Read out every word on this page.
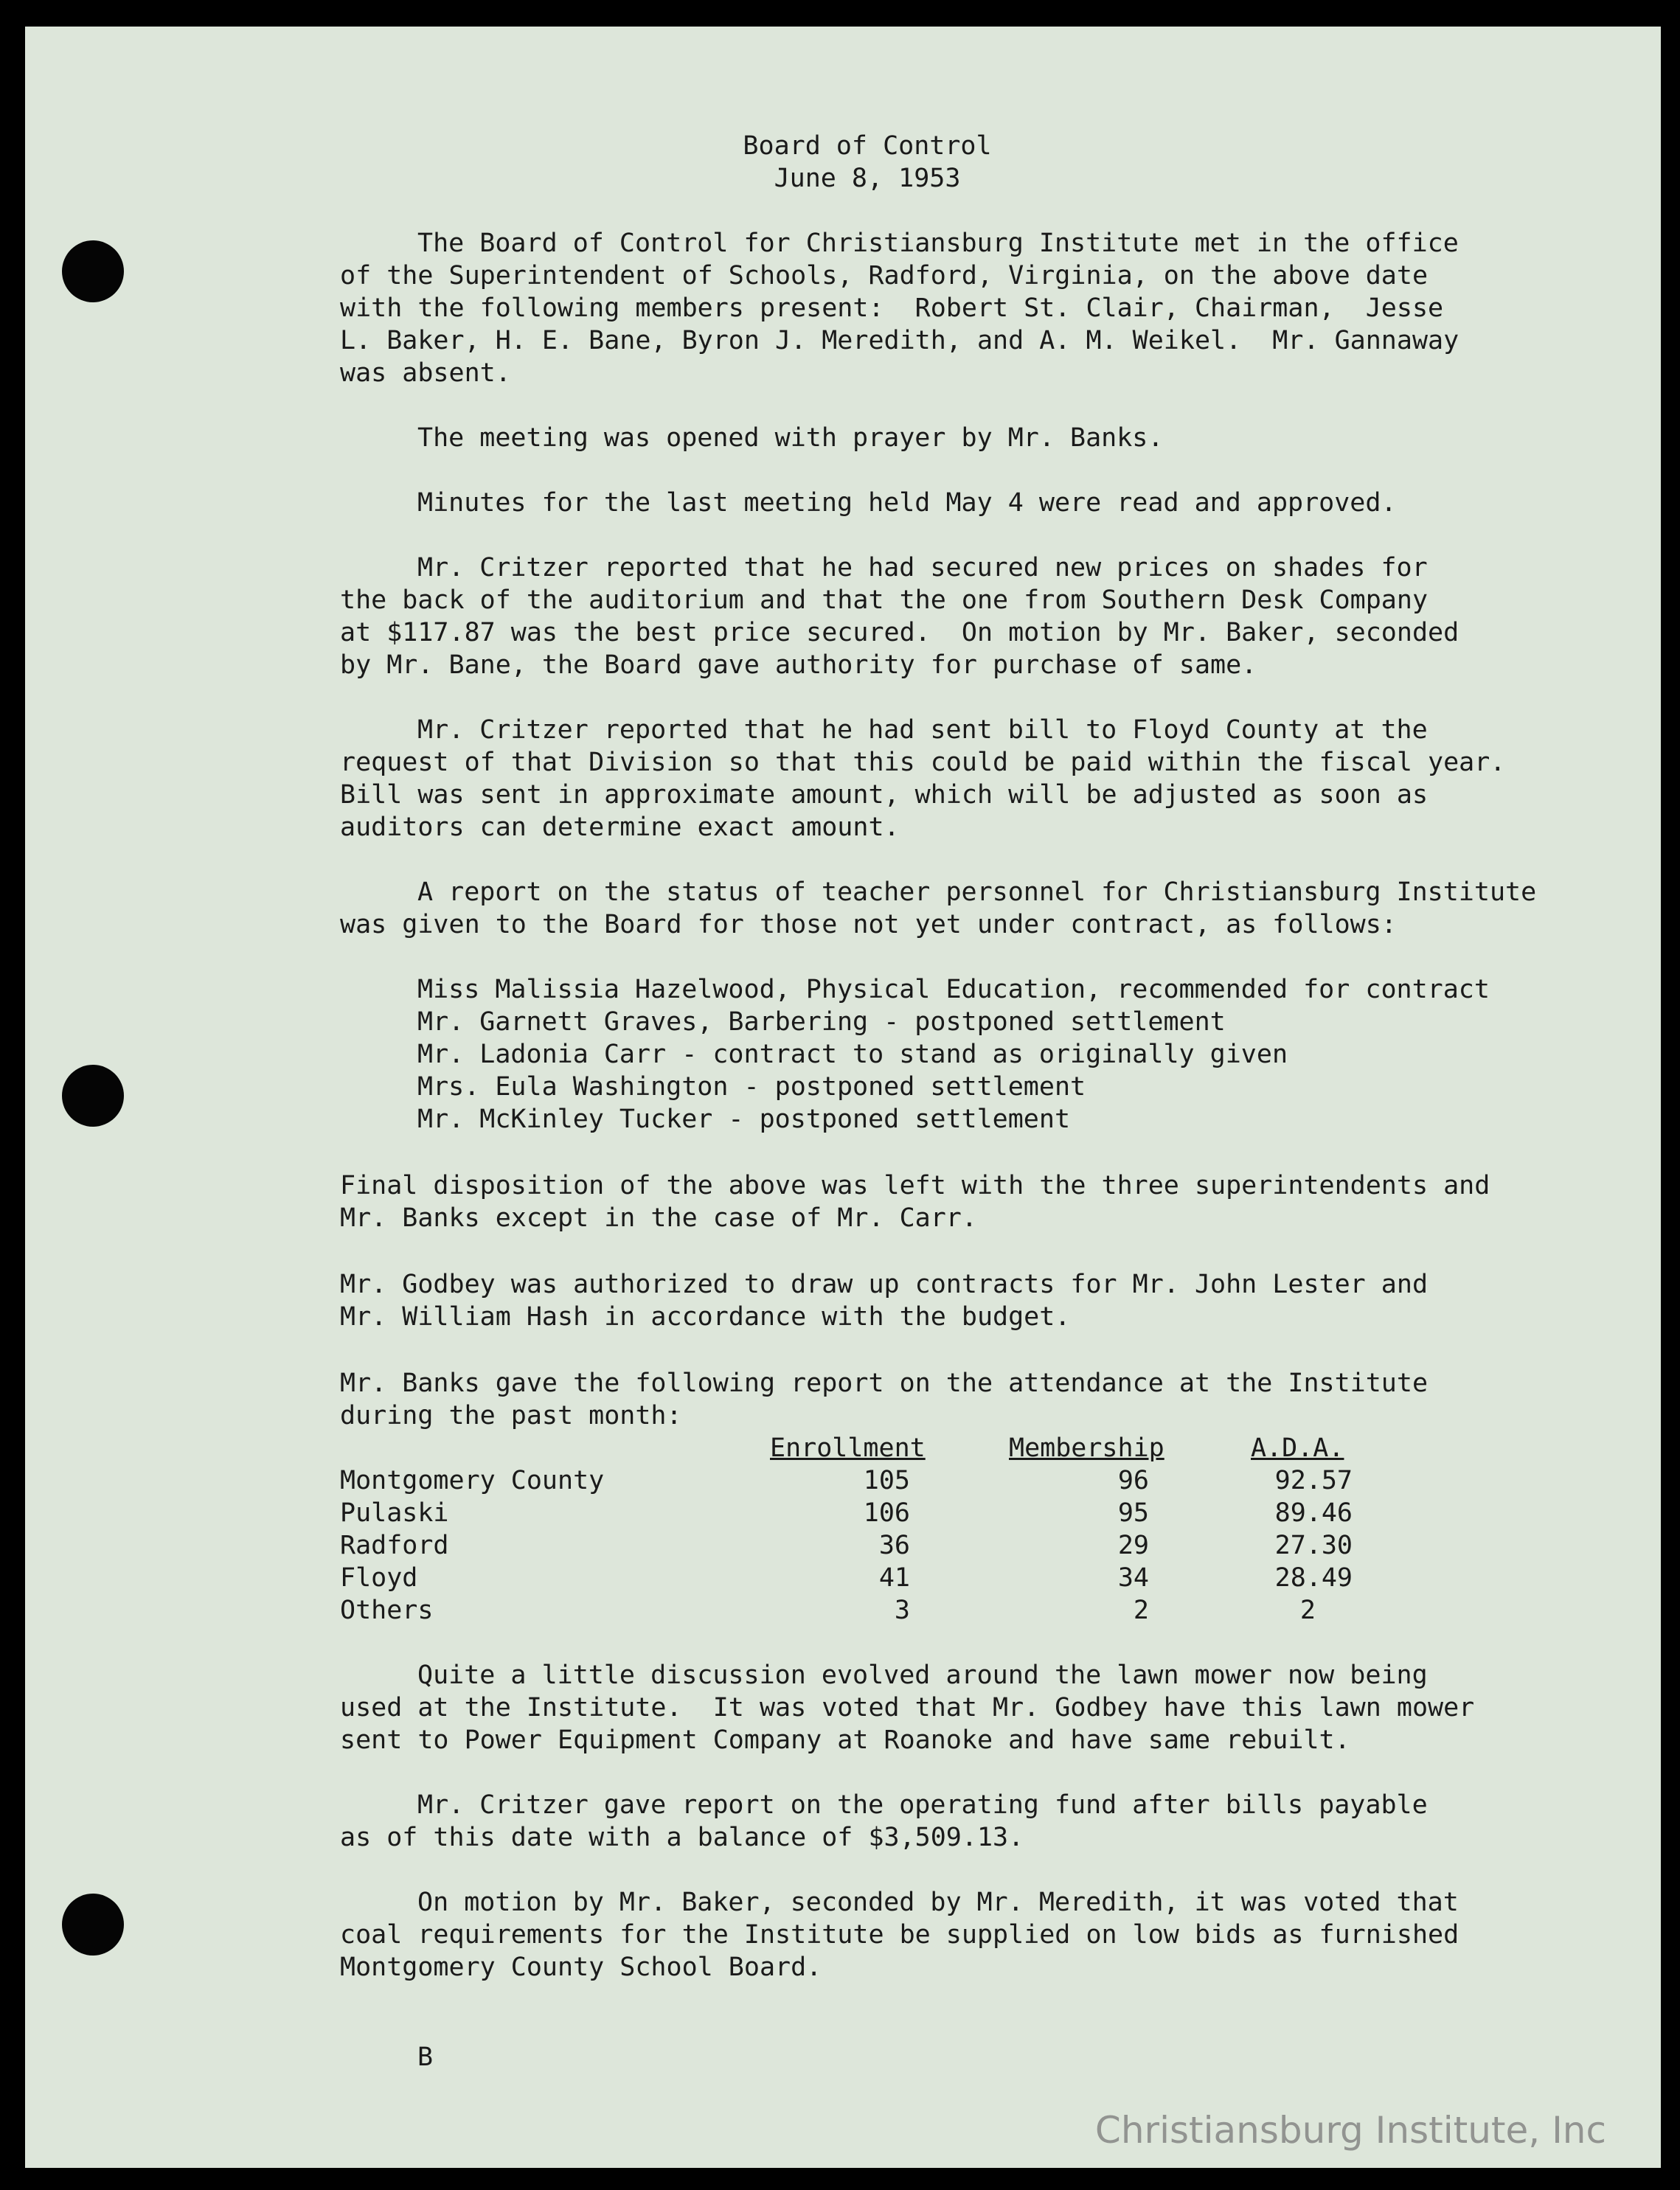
Board of Control
June 8, 1953
The Board of Control for Christiansburg Institute met in the office
of the Superintendent of Schools, Radford, Virginia, on the above date
with the following members present:  Robert St. Clair, Chairman,  Jesse
L. Baker, H. E. Bane, Byron J. Meredith, and A. M. Weikel.  Mr. Gannaway
was absent.
The meeting was opened with prayer by Mr. Banks.
Minutes for the last meeting held May 4 were read and approved.
Mr. Critzer reported that he had secured new prices on shades for
the back of the auditorium and that the one from Southern Desk Company
at $117.87 was the best price secured.  On motion by Mr. Baker, seconded
by Mr. Bane, the Board gave authority for purchase of same.
Mr. Critzer reported that he had sent bill to Floyd County at the
request of that Division so that this could be paid within the fiscal year.
Bill was sent in approximate amount, which will be adjusted as soon as
auditors can determine exact amount.
A report on the status of teacher personnel for Christiansburg Institute
was given to the Board for those not yet under contract, as follows:
Miss Malissia Hazelwood, Physical Education, recommended for contract
Mr. Garnett Graves, Barbering - postponed settlement
Mr. Ladonia Carr - contract to stand as originally given
Mrs. Eula Washington - postponed settlement
Mr. McKinley Tucker - postponed settlement
Final disposition of the above was left with the three superintendents and
Mr. Banks except in the case of Mr. Carr.
Mr. Godbey was authorized to draw up contracts for Mr. John Lester and
Mr. William Hash in accordance with the budget.
Mr. Banks gave the following report on the attendance at the Institute
during the past month:
Enrollment	Membership	A.D.A.
Montgomery County	105	96	92.57
Pulaski	106	95	89.46
Radford	36	29	27.30
Floyd	41	34	28.49
Others	3	2	2
Quite a little discussion evolved around the lawn mower now being
used at the Institute.  It was voted that Mr. Godbey have this lawn mower
sent to Power Equipment Company at Roanoke and have same rebuilt.
Mr. Critzer gave report on the operating fund after bills payable
as of this date with a balance of $3,509.13.
On motion by Mr. Baker, seconded by Mr. Meredith, it was voted that
coal requirements for the Institute be supplied on low bids as furnished
Montgomery County School Board.
B
Christiansburg Institute, Inc
